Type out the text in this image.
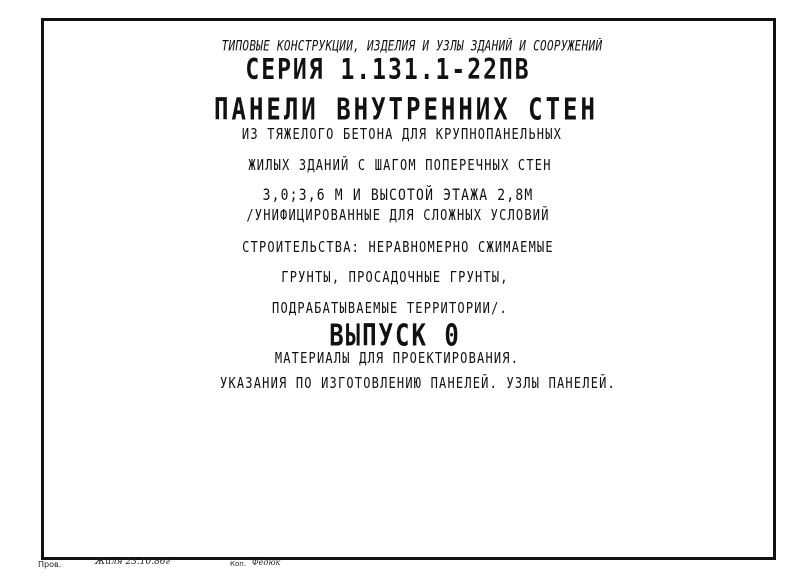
ТИПОВЫЕ КОНСТРУКЦИИ, ИЗДЕЛИЯ И УЗЛЫ ЗДАНИЙ И СООРУЖЕНИЙ
СЕРИЯ 1.131.1-22ПВ
ПАНЕЛИ ВНУТРЕННИХ СТЕН
ИЗ ТЯЖЕЛОГО БЕТОНА ДЛЯ КРУПНОПАНЕЛЬНЫХ
ЖИЛЫХ ЗДАНИЙ С ШАГОМ ПОПЕРЕЧНЫХ СТЕН
3,0;3,6 М И ВЫСОТОЙ ЭТАЖА 2,8М
/УНИФИЦИРОВАННЫЕ ДЛЯ СЛОЖНЫХ УСЛОВИЙ
СТРОИТЕЛЬСТВА: НЕРАВНОМЕРНО СЖИМАЕМЫЕ
ГРУНТЫ, ПРОСАДОЧНЫЕ ГРУНТЫ,
ПОДРАБАТЫВАЕМЫЕ ТЕРРИТОРИИ/.
ВЫПУСК 0
МАТЕРИАЛЫ ДЛЯ ПРОЕКТИРОВАНИЯ.
УКАЗАНИЯ ПО ИЗГОТОВЛЕНИЮ ПАНЕЛЕЙ. УЗЛЫ ПАНЕЛЕЙ.
Пров.	Жиля 23.10.86г	Коп. Федюк
